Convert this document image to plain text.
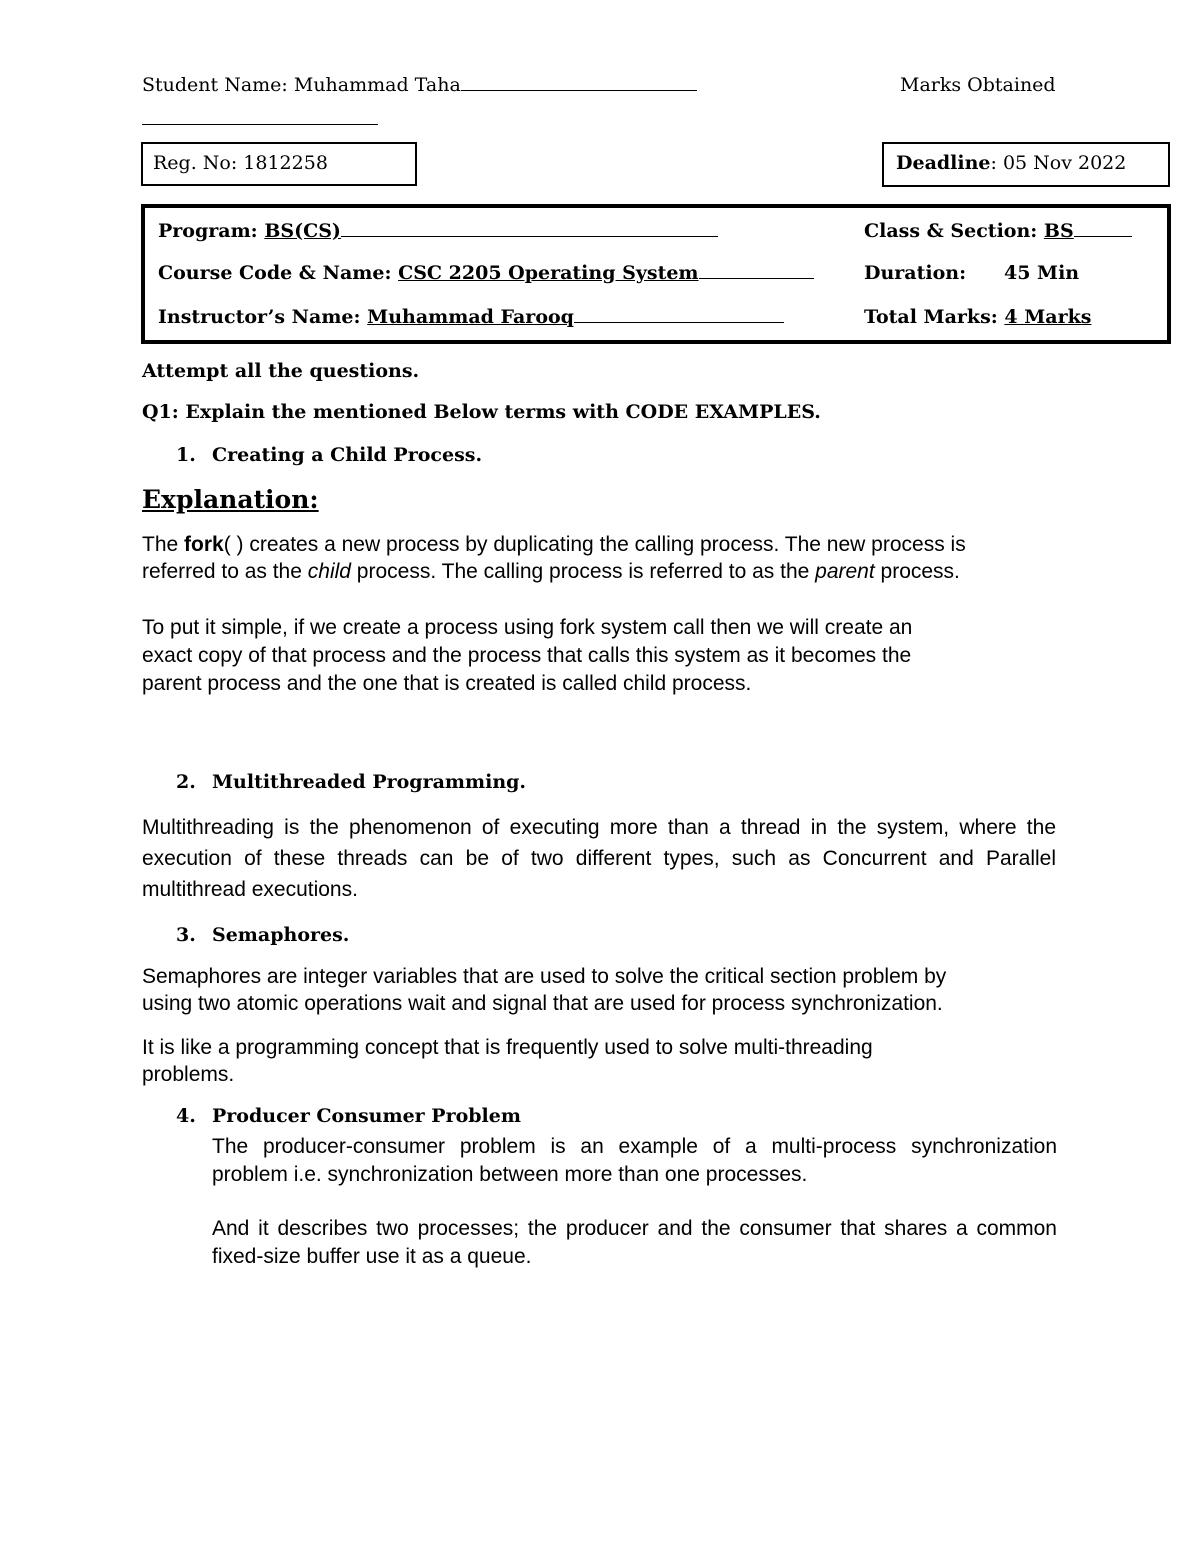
Student Name: Muhammad Taha	Marks Obtained
Reg. No: 1812258	Deadline: 05 Nov 2022
Program: BS(CS)	Class & Section: BS
Course Code & Name: CSC 2205 Operating System	Duration: 45 Min
Instructor’s Name: Muhammad Farooq	Total Marks: 4 Marks
Attempt all the questions.
Q1: Explain the mentioned Below terms with CODE EXAMPLES.
1. Creating a Child Process.
Explanation:
The fork( ) creates a new process by duplicating the calling process. The new process is
referred to as the child process. The calling process is referred to as the parent process.
To put it simple, if we create a process using fork system call then we will create an
exact copy of that process and the process that calls this system as it becomes the
parent process and the one that is created is called child process.
2. Multithreaded Programming.
Multithreading is the phenomenon of executing more than a thread in the system, where the execution of these threads can be of two different types, such as Concurrent and Parallel multithread executions.
3. Semaphores.
Semaphores are integer variables that are used to solve the critical section problem by
using two atomic operations wait and signal that are used for process synchronization.
It is like a programming concept that is frequently used to solve multi-threading
problems.
4. Producer Consumer Problem
The producer-consumer problem is an example of a multi-process synchronization problem i.e. synchronization between more than one processes.
And it describes two processes; the producer and the consumer that shares a common fixed-size buffer use it as a queue.
